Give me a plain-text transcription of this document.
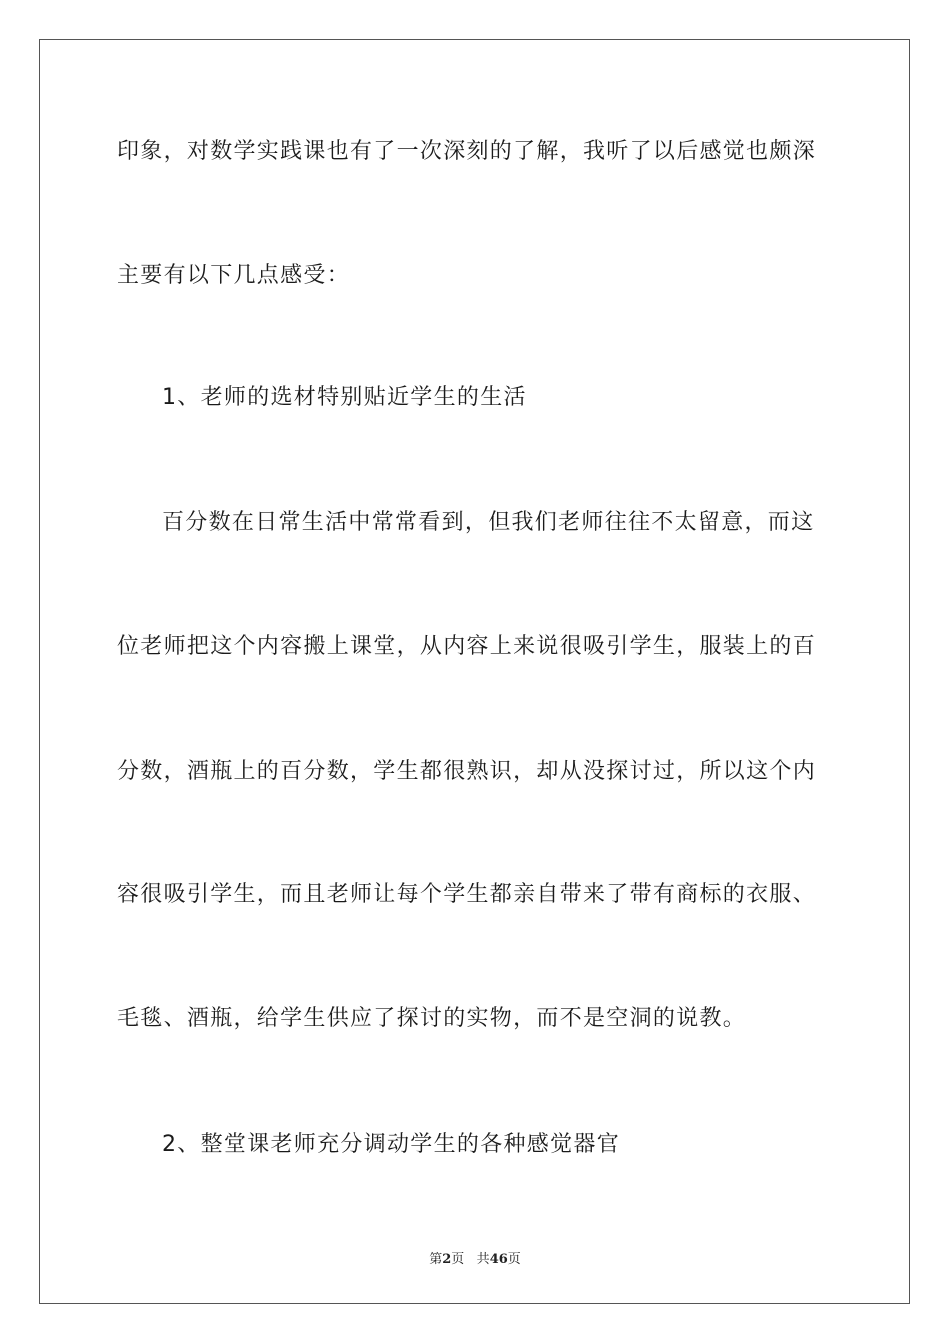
印象，对数学实践课也有了一次深刻的了解，我听了以后感觉也颇深
主要有以下几点感受：
1、老师的选材特别贴近学生的生活
百分数在日常生活中常常看到，但我们老师往往不太留意，而这
位老师把这个内容搬上课堂，从内容上来说很吸引学生，服装上的百
分数，酒瓶上的百分数，学生都很熟识，却从没探讨过，所以这个内
容很吸引学生，而且老师让每个学生都亲自带来了带有商标的衣服、
毛毯、酒瓶，给学生供应了探讨的实物，而不是空洞的说教。
2、整堂课老师充分调动学生的各种感觉器官
第2页 共46页
